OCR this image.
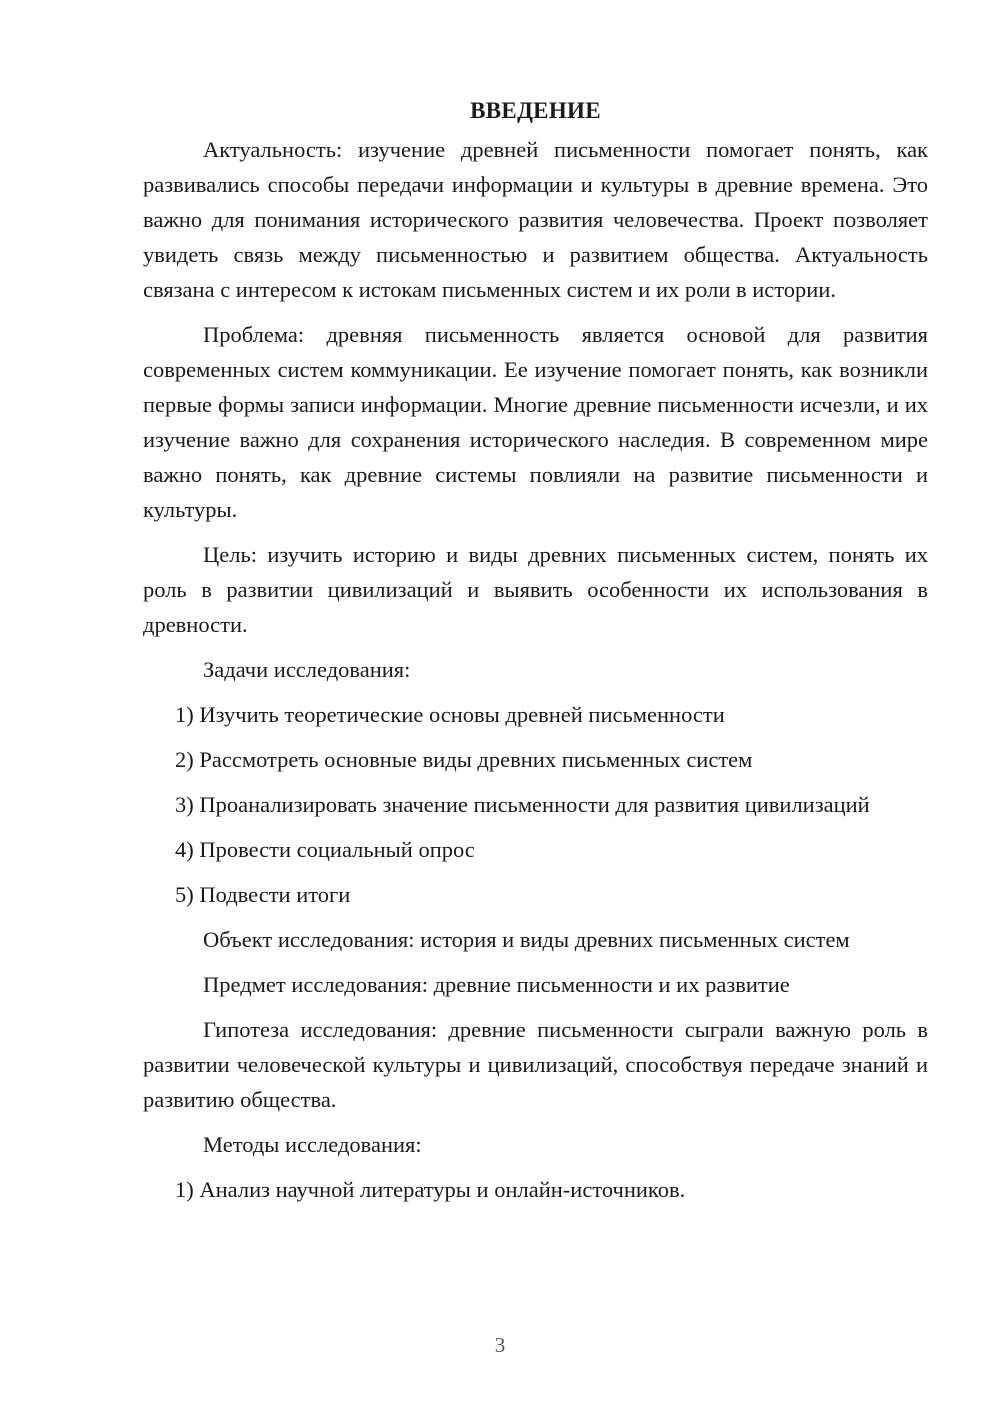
ВВЕДЕНИЕ
Актуальность: изучение древней письменности помогает понять, как развивались способы передачи информации и культуры в древние времена. Это важно для понимания исторического развития человечества. Проект позволяет увидеть связь между письменностью и развитием общества. Актуальность связана с интересом к истокам письменных систем и их роли в истории.
Проблема: древняя письменность является основой для развития современных систем коммуникации. Ее изучение помогает понять, как возникли первые формы записи информации. Многие древние письменности исчезли, и их изучение важно для сохранения исторического наследия. В современном мире важно понять, как древние системы повлияли на развитие письменности и культуры.
Цель: изучить историю и виды древних письменных систем, понять их роль в развитии цивилизаций и выявить особенности их использования в древности.
Задачи исследования:
1) Изучить теоретические основы древней письменности
2) Рассмотреть основные виды древних письменных систем
3) Проанализировать значение письменности для развития цивилизаций
4) Провести социальный опрос
5) Подвести итоги
Объект исследования: история и виды древних письменных систем
Предмет исследования: древние письменности и их развитие
Гипотеза исследования: древние письменности сыграли важную роль в развитии человеческой культуры и цивилизаций, способствуя передаче знаний и развитию общества.
Методы исследования:
1) Анализ научной литературы и онлайн-источников.
3
